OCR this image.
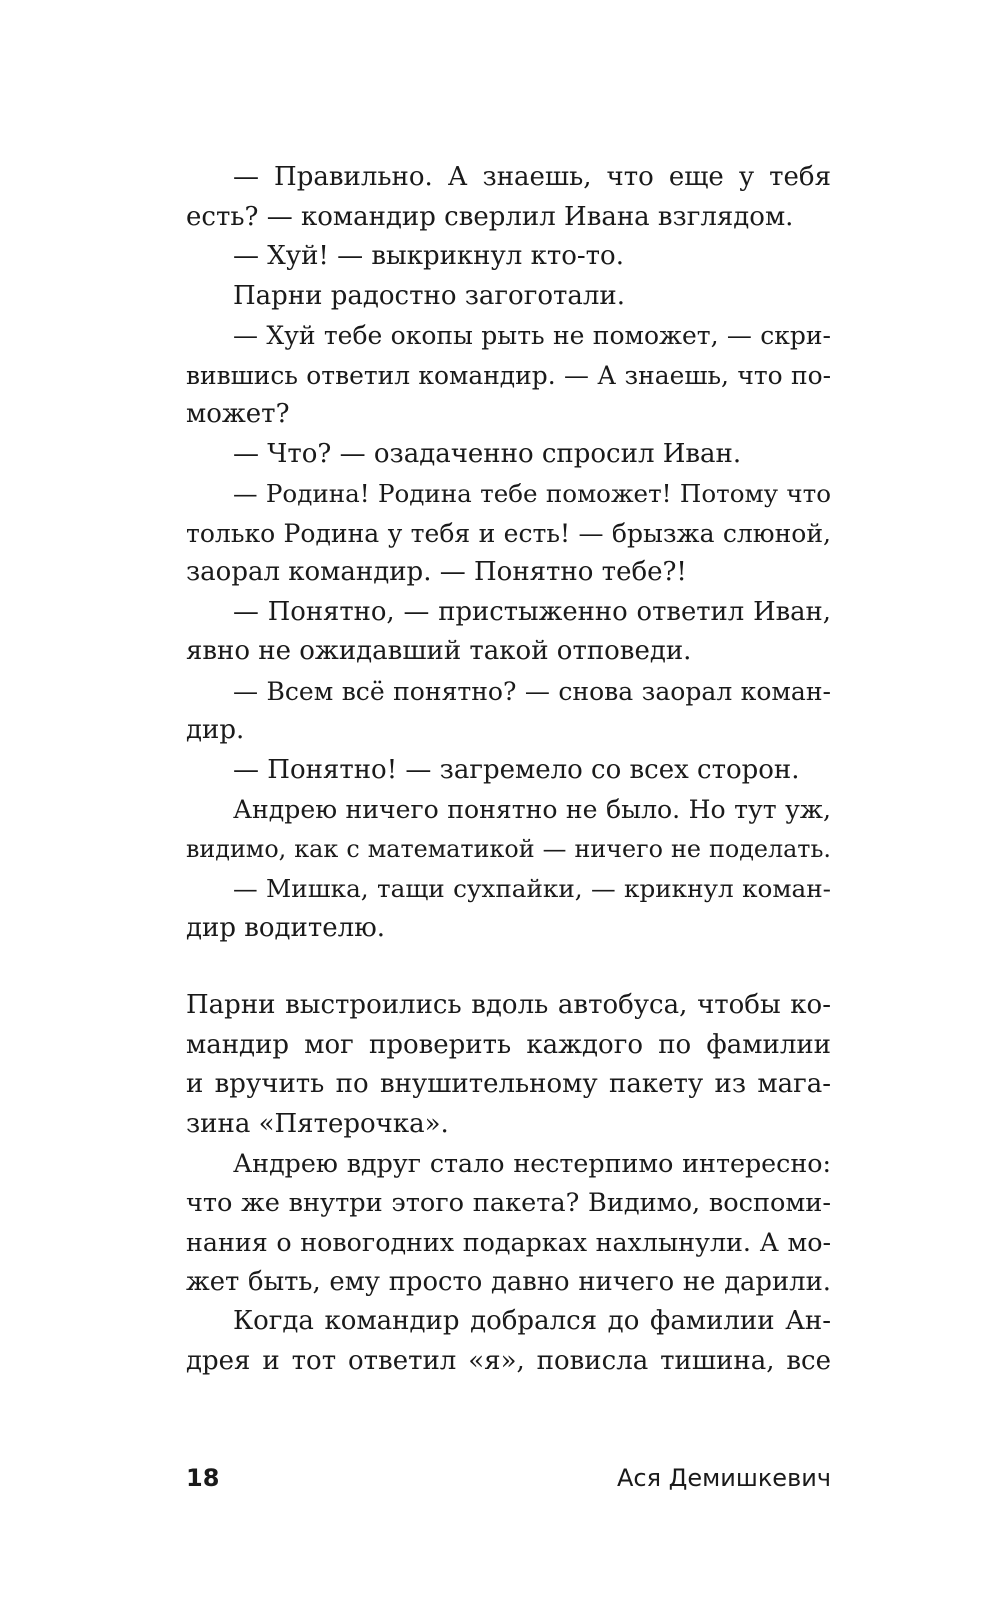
— Правильно. А знаешь, что еще у тебя
есть? — командир сверлил Ивана взглядом.
— Хуй! — выкрикнул кто-то.
Парни радостно загоготали.
— Хуй тебе окопы рыть не поможет, — скри-
вившись ответил командир. — А знаешь, что по-
может?
— Что? — озадаченно спросил Иван.
— Родина! Родина тебе поможет! Потому что
только Родина у тебя и есть! — брызжа слюной,
заорал командир. — Понятно тебе?!
— Понятно, — пристыженно ответил Иван,
явно не ожидавший такой отповеди.
— Всем всё понятно? — снова заорал коман-
дир.
— Понятно! — загремело со всех сторон.
Андрею ничего понятно не было. Но тут уж,
видимо, как с математикой — ничего не поделать.
— Мишка, тащи сухпайки, — крикнул коман-
дир водителю.
Парни выстроились вдоль автобуса, чтобы ко-
мандир мог проверить каждого по фамилии
и вручить по внушительному пакету из мага-
зина «Пятерочка».
Андрею вдруг стало нестерпимо интересно:
что же внутри этого пакета? Видимо, воспоми-
нания о новогодних подарках нахлынули. А мо-
жет быть, ему просто давно ничего не дарили.
Когда командир добрался до фамилии Ан-
дрея и тот ответил «я», повисла тишина, все
18	Ася Демишкевич
